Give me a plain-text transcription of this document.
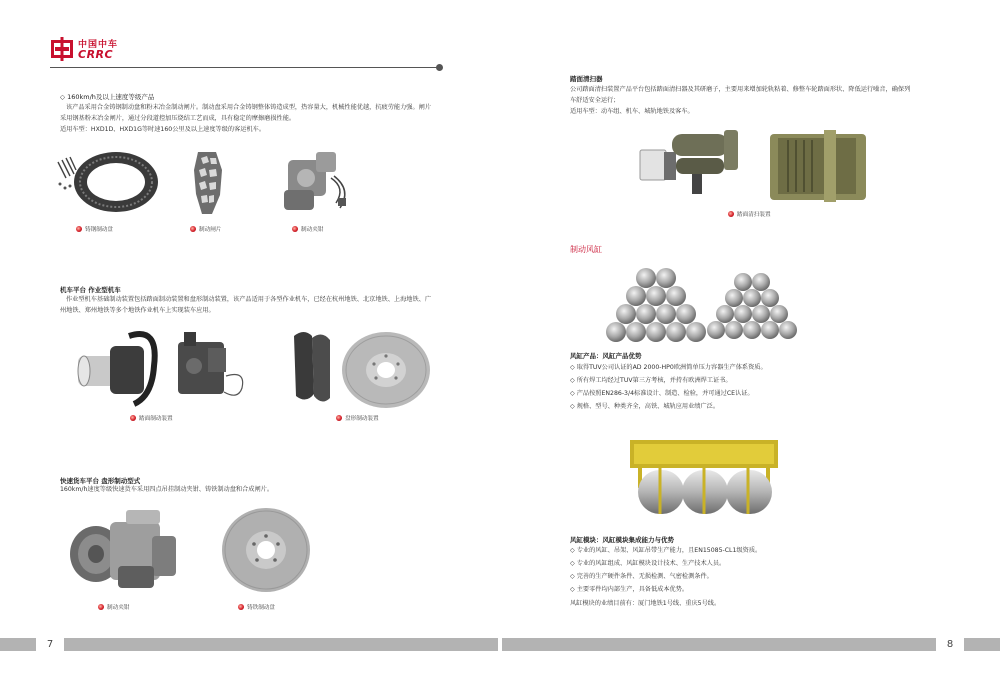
中国中车
CRRC
◇ 160km/h及以上速度等级产品
该产品采用合金铸钢制动盘和粉末冶金制动闸片。制动盘采用合金铸钢整体铸造成型，热容量大，机械性能优越，抗疲劳能力强。闸片
采用钢基粉末冶金闸片，通过分段道控加压烧结工艺而成，具有稳定的摩擦磨损性能。
适用车型：HXD1D、HXD1G等时速160公里及以上速度等级的客运机车。
铸钢制动盘	制动闸片	制动夹钳
机车平台 作业型机车
作业型机车基础制动装置包括踏面制动装置和盘形制动装置，该产品适用于各型作业机车，已经在杭州地铁、北京地铁、上海地铁、广
州地铁、郑州地铁等多个地铁作业机车上实现装车应用。
踏面制动装置	盘形制动装置
快速货车平台 盘形制动型式
160km/h速度等级快速货车采用四点吊挂制动夹钳、铸铁制动盘和合成闸片。
制动夹钳	铸铁制动盘
7
踏面清扫器
公司踏面清扫装置产品平台包括踏面清扫器及其研磨子，主要用来增加轮轨粘着、修整车轮踏面形状、降低运行噪音，确保列
车舒适安全运行；
适用车型：动车组、机车、城轨地铁及客车。
踏面清扫装置
制动风缸
风缸产品：风缸产品优势
◇ 取得TUV公司认证的AD 2000-HP0欧洲简单压力容器生产体系资质。
◇ 所有焊工均经过TUV第三方考核，并持有欧洲焊工证书。
◇ 产品按照EN286-3/4标准设计、制造、检验，并可通过CE认证。
◇ 规格、型号、种类齐全，高铁、城轨应用业绩广泛。
风缸模块：风缸模块集成能力与优势
◇ 专业的风缸、吊架、风缸吊带生产能力，且EN15085-CL1级资质。
◇ 专业的风缸组成、风缸模块设计技术、生产技术人员。
◇ 完善的生产硬件条件、无损检测、气密检测条件。
◇ 主要零件均内部生产，具备低成本优势。
风缸模块的业绩目前有：厦门地铁1号线、重庆5号线。
8
